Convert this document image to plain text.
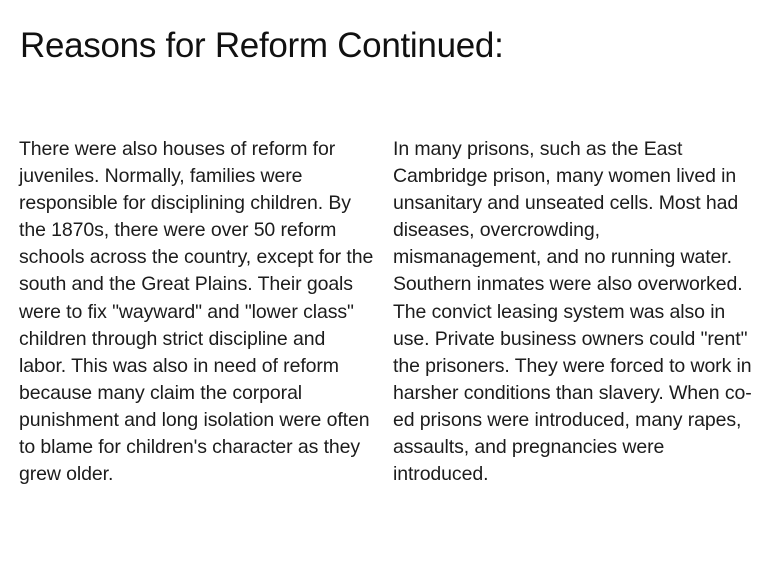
Reasons for Reform Continued:

There were also houses of reform for juveniles. Normally, families were responsible for disciplining children. By the 1870s, there were over 50 reform schools across the country, except for the south and the Great Plains. Their goals were to fix "wayward" and "lower class" children through strict discipline and labor. This was also in need of reform because many claim the corporal punishment and long isolation were often to blame for children's character as they grew older.

In many prisons, such as the East Cambridge prison, many women lived in unsanitary and unseated cells. Most had diseases, overcrowding, mismanagement, and no running water. Southern inmates were also overworked. The convict leasing system was also in use. Private business owners could "rent" the prisoners. They were forced to work in harsher conditions than slavery. When co-ed prisons were introduced, many rapes, assaults, and pregnancies were introduced.
